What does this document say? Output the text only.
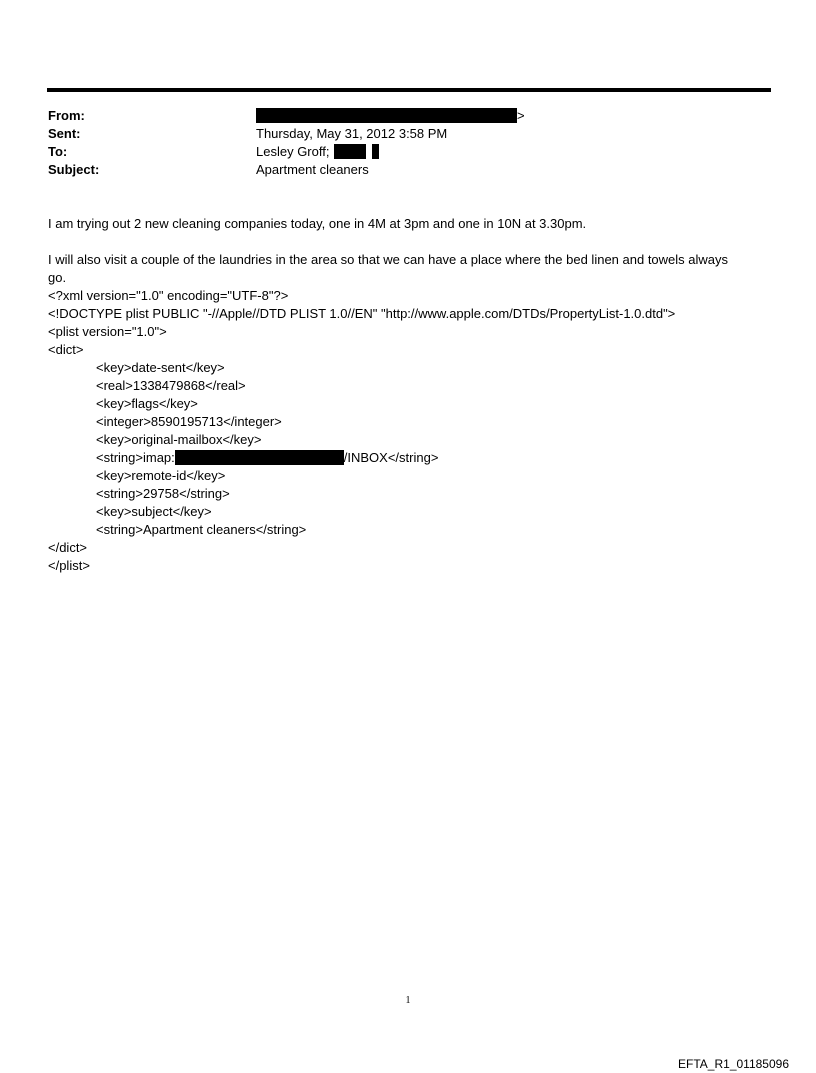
From:	>
Sent:	Thursday, May 31, 2012 3:58 PM
To:	Lesley Groff;
Subject:	Apartment cleaners
I am trying out 2 new cleaning companies today, one in 4M at 3pm and one in 10N at 3.30pm.
I will also visit a couple of the laundries in the area so that we can have a place where the bed linen and towels always
go.
<?xml version="1.0" encoding="UTF-8"?>
<!DOCTYPE plist PUBLIC "-//Apple//DTD PLIST 1.0//EN" "http://www.apple.com/DTDs/PropertyList-1.0.dtd">
<plist version="1.0">
<dict>
<key>date-sent</key>
<real>1338479868</real>
<key>flags</key>
<integer>8590195713</integer>
<key>original-mailbox</key>
<string>imap:	/INBOX</string>
<key>remote-id</key>
<string>29758</string>
<key>subject</key>
<string>Apartment cleaners</string>
</dict>
</plist>
1
EFTA_R1_01185096
